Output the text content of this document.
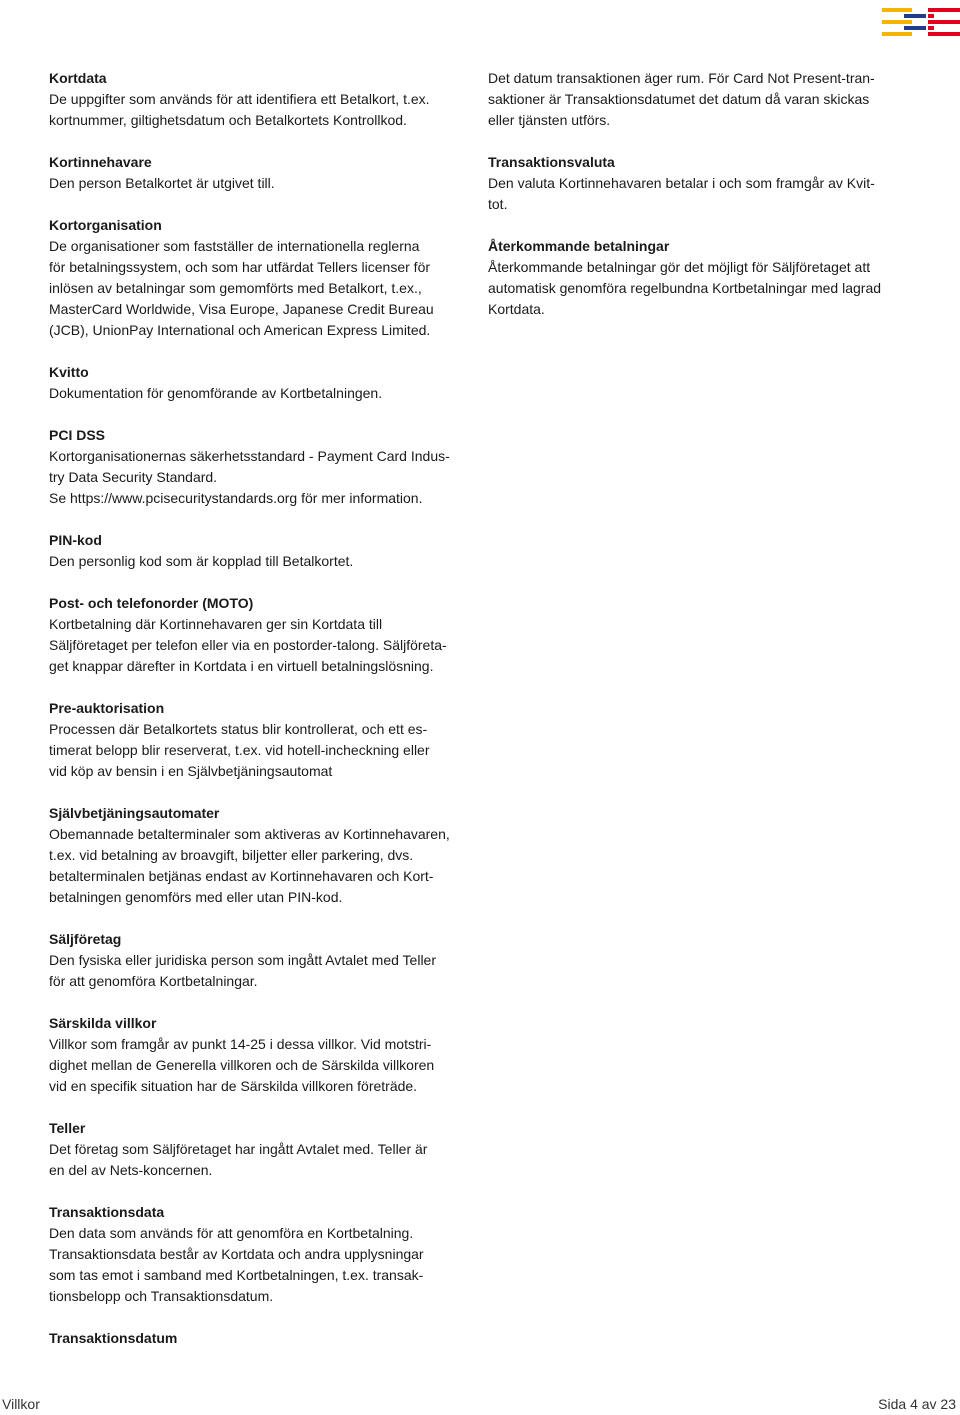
Kortdata
De uppgifter som används för att identifiera ett Betalkort, t.ex.
kortnummer, giltighetsdatum och Betalkortets Kontrollkod.
Kortinnehavare
Den person Betalkortet är utgivet till.
Kortorganisation
De organisationer som fastställer de internationella reglerna
för betalningssystem, och som har utfärdat Tellers licenser för
inlösen av betalningar som gemomförts med Betalkort, t.ex.,
MasterCard Worldwide, Visa Europe, Japanese Credit Bureau
(JCB), UnionPay International och American Express Limited.
Kvitto
Dokumentation för genomförande av Kortbetalningen.
PCI DSS
Kortorganisationernas säkerhetsstandard - Payment Card Indus-
try Data Security Standard.
Se https://www.pcisecuritystandards.org för mer information.
PIN-kod
Den personlig kod som är kopplad till Betalkortet.
Post- och telefonorder (MOTO)
Kortbetalning där Kortinnehavaren ger sin Kortdata till
Säljföretaget per telefon eller via en postorder-talong. Säljföreta-
get knappar därefter in Kortdata i en virtuell betalningslösning.
Pre-auktorisation
Processen där Betalkortets status blir kontrollerat, och ett es-
timerat belopp blir reserverat, t.ex. vid hotell-incheckning eller
vid köp av bensin i en Självbetjäningsautomat
Självbetjäningsautomater
Obemannade betalterminaler som aktiveras av Kortinnehavaren,
t.ex. vid betalning av broavgift, biljetter eller parkering, dvs.
betalterminalen betjänas endast av Kortinnehavaren och Kort-
betalningen genomförs med eller utan PIN-kod.
Säljföretag
Den fysiska eller juridiska person som ingått Avtalet med Teller
för att genomföra Kortbetalningar.
Särskilda villkor
Villkor som framgår av punkt 14-25 i dessa villkor. Vid motstri-
dighet mellan de Generella villkoren och de Särskilda villkoren
vid en specifik situation har de Särskilda villkoren företräde.
Teller
Det företag som Säljföretaget har ingått Avtalet med. Teller är
en del av Nets-koncernen.
Transaktionsdata
Den data som används för att genomföra en Kortbetalning.
Transaktionsdata består av Kortdata och andra upplysningar
som tas emot i samband med Kortbetalningen, t.ex. transak-
tionsbelopp och Transaktionsdatum.
Transaktionsdatum
Det datum transaktionen äger rum. För Card Not Present-tran-
saktioner är Transaktionsdatumet det datum då varan skickas
eller tjänsten utförs.
Transaktionsvaluta
Den valuta Kortinnehavaren betalar i och som framgår av Kvit-
tot.
Återkommande betalningar
Återkommande betalningar gör det möjligt för Säljföretaget att
automatisk genomföra regelbundna Kortbetalningar med lagrad
Kortdata.
Villkor	Sida 4 av 23
